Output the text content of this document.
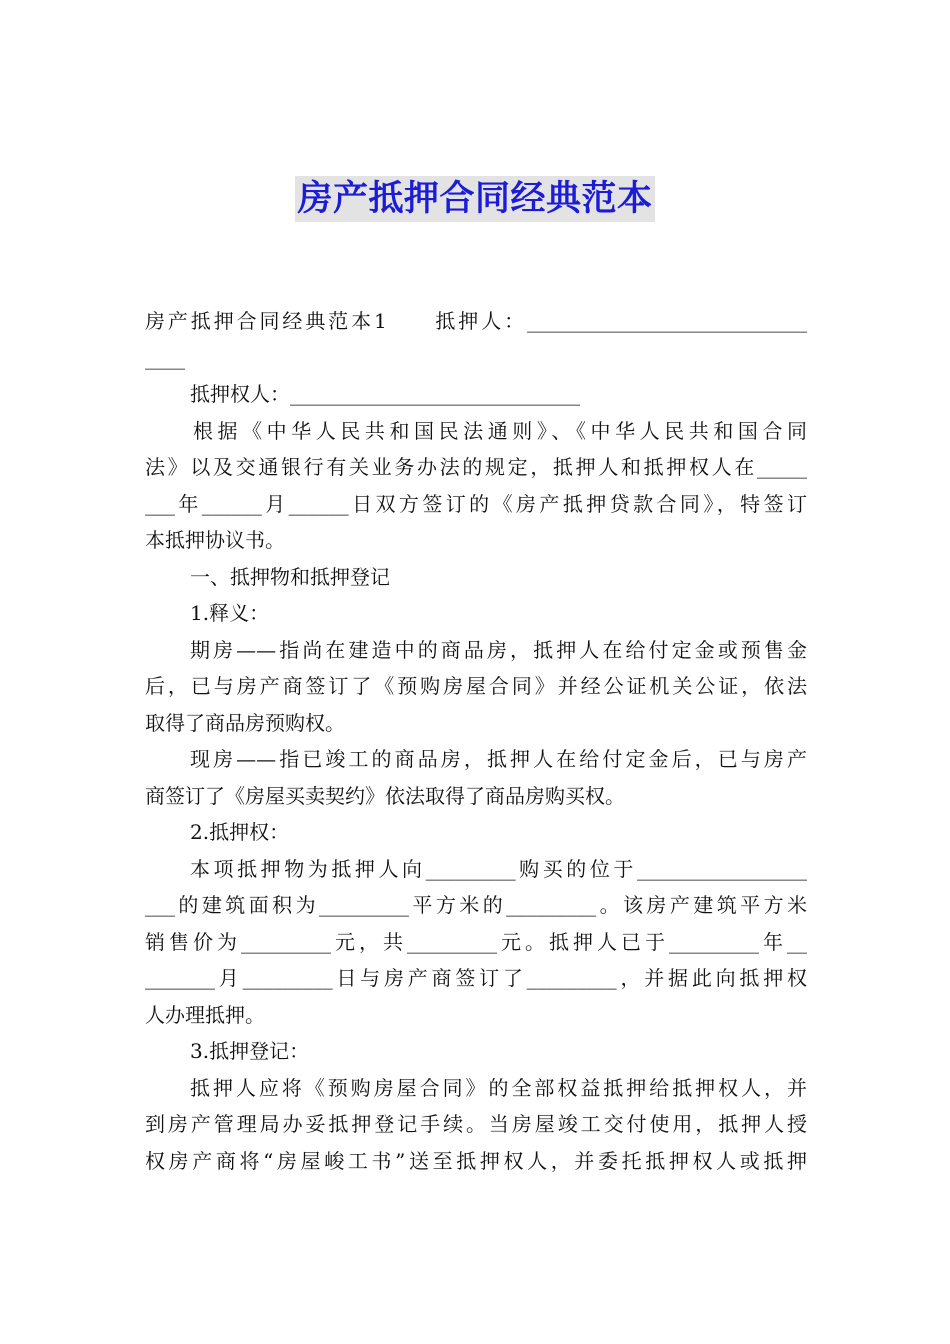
房产抵押合同经典范本
房产抵押合同经典范本1　　抵押人：____________________________
____
抵押权人：_____________________________
根据《中华人民共和国民法通则》、《中华人民共和国合同
法》以及交通银行有关业务办法的规定，抵押人和抵押权人在_____
___年______月______日双方签订的《房产抵押贷款合同》，特签订
本抵押协议书。
一、抵押物和抵押登记
1.释义：
期房——指尚在建造中的商品房，抵押人在给付定金或预售金
后，已与房产商签订了《预购房屋合同》并经公证机关公证，依法
取得了商品房预购权。
现房——指已竣工的商品房，抵押人在给付定金后，已与房产
商签订了《房屋买卖契约》依法取得了商品房购买权。
2.抵押权：
本项抵押物为抵押人向_________购买的位于_________________
___的建筑面积为_________平方米的_________。该房产建筑平方米
销售价为_________元，共_________元。抵押人已于_________年__
_______月_________日与房产商签订了_________，并据此向抵押权
人办理抵押。
3.抵押登记：
抵押人应将《预购房屋合同》的全部权益抵押给抵押权人，并
到房产管理局办妥抵押登记手续。当房屋竣工交付使用，抵押人授
权房产商将“房屋峻工书”送至抵押权人，并委托抵押权人或抵押
